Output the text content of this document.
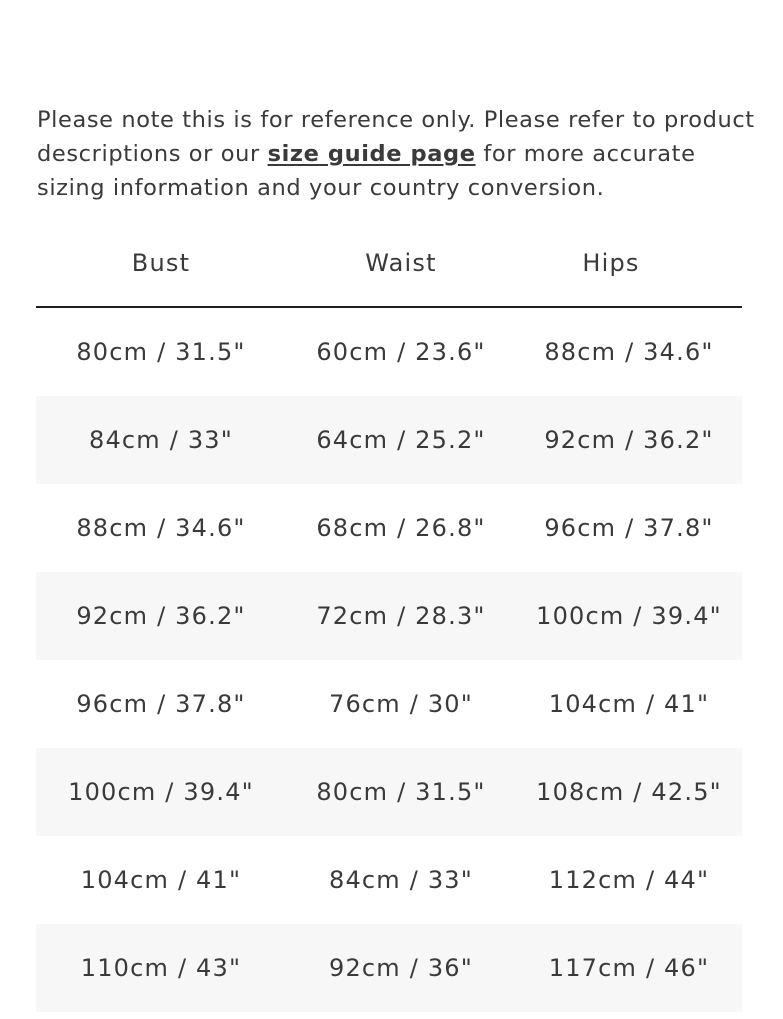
Please note this is for reference only. Please refer to product descriptions or our size guide page for more accurate sizing information and your country conversion.

Bust	Waist	Hips
80cm / 31.5"	60cm / 23.6"	88cm / 34.6"
84cm / 33"	64cm / 25.2"	92cm / 36.2"
88cm / 34.6"	68cm / 26.8"	96cm / 37.8"
92cm / 36.2"	72cm / 28.3"	100cm / 39.4"
96cm / 37.8"	76cm / 30"	104cm / 41"
100cm / 39.4"	80cm / 31.5"	108cm / 42.5"
104cm / 41"	84cm / 33"	112cm / 44"
110cm / 43"	92cm / 36"	117cm / 46"
